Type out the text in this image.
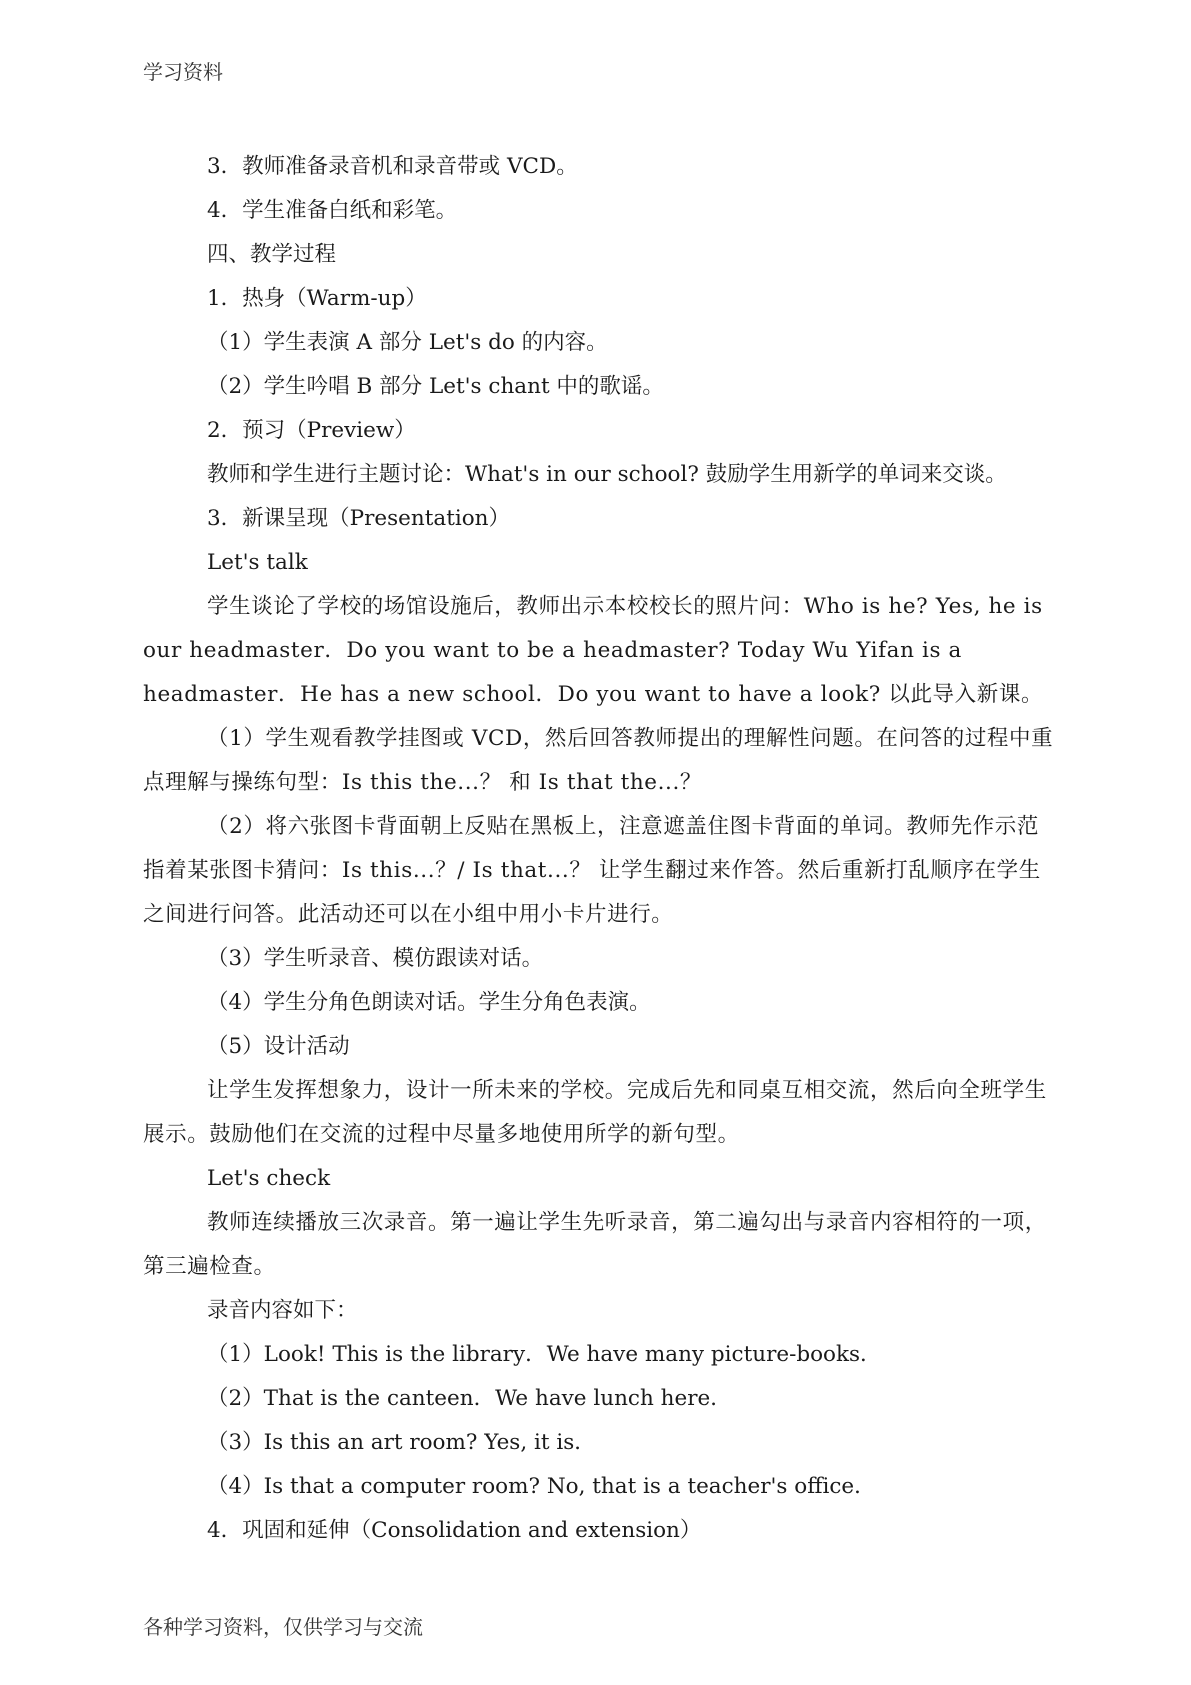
学习资料

3．教师准备录音机和录音带或 VCD。

4．学生准备白纸和彩笔。

四、教学过程

1．热身（Warm-up）

（1）学生表演 A 部分 Let's do 的内容。

（2）学生吟唱 B 部分 Let's chant 中的歌谣。

2．预习（Preview）

教师和学生进行主题讨论：What's in our school? 鼓励学生用新学的单词来交谈。

3．新课呈现（Presentation）

Let's talk

学生谈论了学校的场馆设施后，教师出示本校校长的照片问：Who is he? Yes, he is our headmaster．Do you want to be a headmaster? Today Wu Yifan is a headmaster．He has a new school．Do you want to have a look? 以此导入新课。

（1）学生观看教学挂图或 VCD，然后回答教师提出的理解性问题。在问答的过程中重点理解与操练句型：Is this the...？ 和 Is that the...？

（2）将六张图卡背面朝上反贴在黑板上，注意遮盖住图卡背面的单词。教师先作示范指着某张图卡猜问：Is this...？/ Is that...？ 让学生翻过来作答。然后重新打乱顺序在学生之间进行问答。此活动还可以在小组中用小卡片进行。

（3）学生听录音、模仿跟读对话。

（4）学生分角色朗读对话。学生分角色表演。

（5）设计活动

让学生发挥想象力，设计一所未来的学校。完成后先和同桌互相交流，然后向全班学生展示。鼓励他们在交流的过程中尽量多地使用所学的新句型。

Let's check

教师连续播放三次录音。第一遍让学生先听录音，第二遍勾出与录音内容相符的一项，第三遍检查。

录音内容如下：

（1）Look! This is the library．We have many picture-books．

（2）That is the canteen．We have lunch here．

（3）Is this an art room? Yes, it is．

（4）Is that a computer room? No, that is a teacher's office．

4．巩固和延伸（Consolidation and extension）

各种学习资料，仅供学习与交流
